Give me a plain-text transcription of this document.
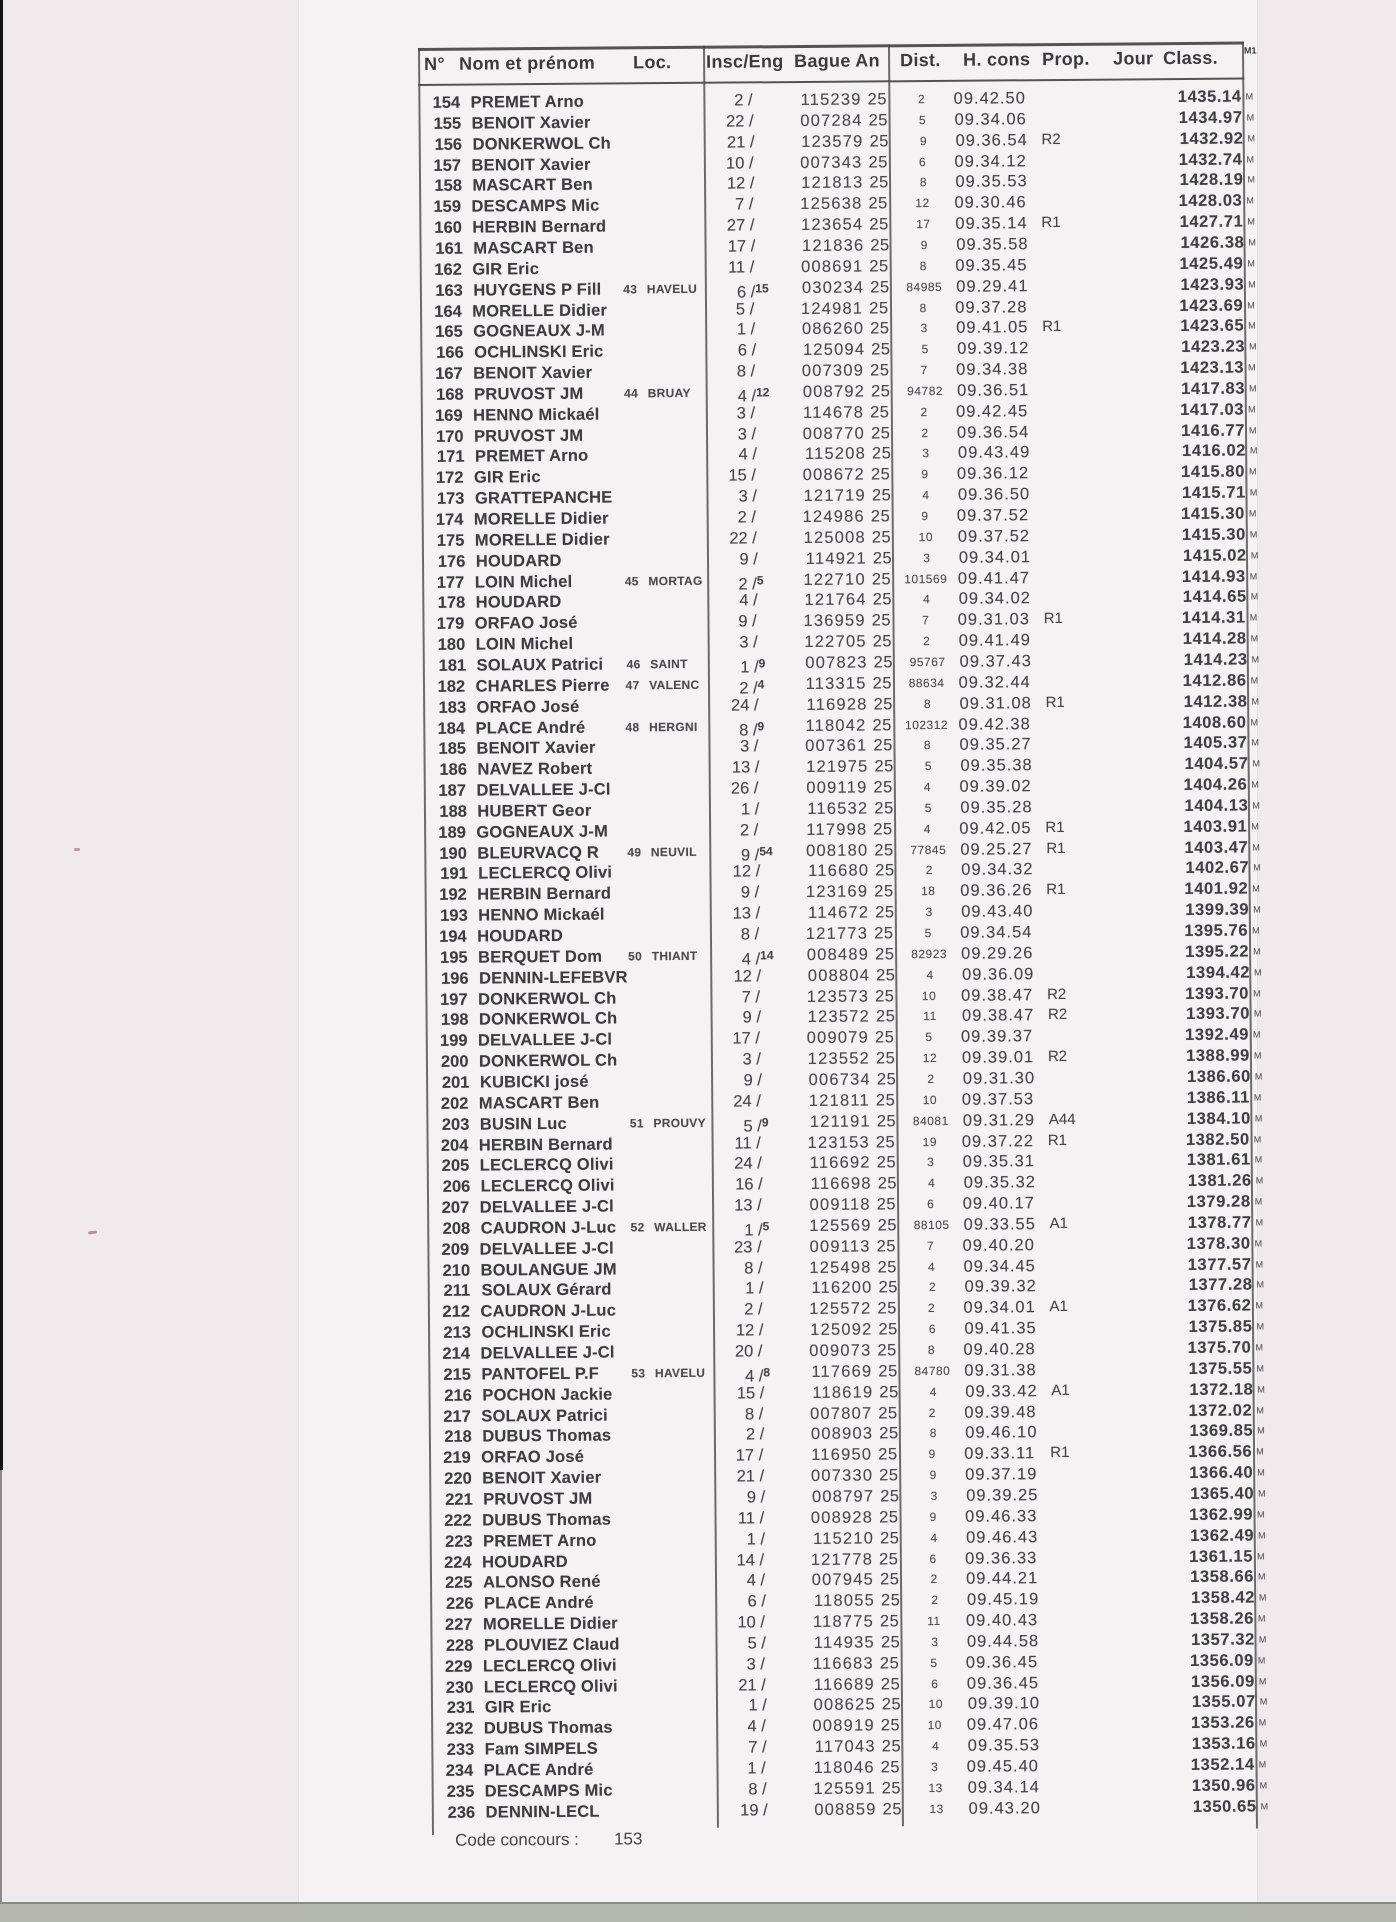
N° Nom et prénom Loc. Insc/Eng Bague An Dist. H. cons Prop. Jour Class.	M1
154 PREMET Arno	2 /	115239 25	2	09.42.50	1435.14 M
155 BENOIT Xavier	22 /	007284 25	5	09.34.06	1434.97 M
156 DONKERWOL Ch	21 /	123579 25	9	09.36.54 R2	1432.92 M
157 BENOIT Xavier	10 /	007343 25	6	09.34.12	1432.74 M
158 MASCART Ben	12 /	121813 25	8	09.35.53	1428.19 M
159 DESCAMPS Mic	7 /	125638 25	12	09.30.46	1428.03 M
160 HERBIN Bernard	27 /	123654 25	17	09.35.14 R1	1427.71 M
161 MASCART Ben	17 /	121836 25	9	09.35.58	1426.38 M
162 GIR Eric	11 /	008691 25	8	09.35.45	1425.49 M
163 HUYGENS P Fill 43 HAVELU	6 /$^{15}$	030234 25	84985 09.29.41	1423.93 M
164 MORELLE Didier	5 /	124981 25	8	09.37.28	1423.69 M
165 GOGNEAUX J-M	1 /	086260 25	3	09.41.05 R1	1423.65 M
166 OCHLINSKI Eric	6 /	125094 25	5	09.39.12	1423.23 M
167 BENOIT Xavier	8 /	007309 25	7	09.34.38	1423.13 M
168 PRUVOST JM	44 BRUAY	4 /$^{12}$	008792 25	94782 09.36.51	1417.83 M
169 HENNO Mickaél	3 /	114678 25	2	09.42.45	1417.03 M
170 PRUVOST JM	3 /	008770 25	2	09.36.54	1416.77 M
171 PREMET Arno	4 /	115208 25	3	09.43.49	1416.02 M
172 GIR Eric	15 /	008672 25	9	09.36.12	1415.80 M
173 GRATTEPANCHE	3 /	121719 25	4	09.36.50	1415.71 M
174 MORELLE Didier	2 /	124986 25	9	09.37.52	1415.30 M
175 MORELLE Didier	22 /	125008 25	10	09.37.52	1415.30 M
176 HOUDARD	9 /	114921 25	3	09.34.01	1415.02 M
177 LOIN Michel	45 MORTAG	2 /$^5$	122710 25	101569 09.41.47	1414.93 M
178 HOUDARD	4 /	121764 25	4	09.34.02	1414.65 M
179 ORFAO José	9 /	136959 25	7	09.31.03 R1	1414.31 M
180 LOIN Michel	3 /	122705 25	2	09.41.49	1414.28 M
181 SOLAUX Patrici 46 SAINT	1 /$^9$	007823 25	95767 09.37.43	1414.23 M
182 CHARLES Pierre 47 VALENC	2 /$^4$	113315 25	88634 09.32.44	1412.86 M
183 ORFAO José	24 /	116928 25	8	09.31.08 R1	1412.38 M
184 PLACE André	48 HERGNI	8 /$^9$	118042 25	102312 09.42.38	1408.60 M
185 BENOIT Xavier	3 /	007361 25	8	09.35.27	1405.37 M
186 NAVEZ Robert	13 /	121975 25	5	09.35.38	1404.57 M
187 DELVALLEE J-Cl	26 /	009119 25	4	09.39.02	1404.26 M
188 HUBERT Geor	1 /	116532 25	5	09.35.28	1404.13 M
189 GOGNEAUX J-M	2 /	117998 25	4	09.42.05 R1	1403.91 M
190 BLEURVACQ R 49 NEUVIL	9 /$^{54}$	008180 25	77845 09.25.27 R1	1403.47 M
191 LECLERCQ Olivi	12 /	116680 25	2	09.34.32	1402.67 M
192 HERBIN Bernard	9 /	123169 25	18	09.36.26 R1	1401.92 M
193 HENNO Mickaél	13 /	114672 25	3	09.43.40	1399.39 M
194 HOUDARD	8 /	121773 25	5	09.34.54	1395.76 M
195 BERQUET Dom 50 THIANT	4 /$^{14}$	008489 25	82923 09.29.26	1395.22 M
196 DENNIN-LEFEBVR	12 /	008804 25	4	09.36.09	1394.42 M
197 DONKERWOL Ch	7 /	123573 25	10	09.38.47 R2	1393.70 M
198 DONKERWOL Ch	9 /	123572 25	11	09.38.47 R2	1393.70 M
199 DELVALLEE J-Cl	17 /	009079 25	5	09.39.37	1392.49 M
200 DONKERWOL Ch	3 /	123552 25	12	09.39.01 R2	1388.99 M
201 KUBICKI josé	9 /	006734 25	2	09.31.30	1386.60 M
202 MASCART Ben	24 /	121811 25	10	09.37.53	1386.11 M
203 BUSIN Luc	51 PROUVY	5 /$^9$	121191 25	84081 09.31.29 A44	1384.10 M
204 HERBIN Bernard	11 /	123153 25	19	09.37.22 R1	1382.50 M
205 LECLERCQ Olivi	24 /	116692 25	3	09.35.31	1381.61 M
206 LECLERCQ Olivi	16 /	116698 25	4	09.35.32	1381.26 M
207 DELVALLEE J-Cl	13 /	009118 25	6	09.40.17	1379.28 M
208 CAUDRON J-Luc 52 WALLER	1 /$^5$	125569 25	88105 09.33.55 A1	1378.77 M
209 DELVALLEE J-Cl	23 /	009113 25	7	09.40.20	1378.30 M
210 BOULANGUE JM	8 /	125498 25	4	09.34.45	1377.57 M
211 SOLAUX Gérard	1 /	116200 25	2	09.39.32	1377.28 M
212 CAUDRON J-Luc	2 /	125572 25	2	09.34.01 A1	1376.62 M
213 OCHLINSKI Eric	12 /	125092 25	6	09.41.35	1375.85 M
214 DELVALLEE J-Cl	20 /	009073 25	8	09.40.28	1375.70 M
215 PANTOFEL P.F	53 HAVELU	4 /$^8$	117669 25	84780 09.31.38	1375.55 M
216 POCHON Jackie	15 /	118619 25	4	09.33.42 A1	1372.18 M
217 SOLAUX Patrici	8 /	007807 25	2	09.39.48	1372.02 M
218 DUBUS Thomas	2 /	008903 25	8	09.46.10	1369.85 M
219 ORFAO José	17 /	116950 25	9	09.33.11 R1	1366.56 M
220 BENOIT Xavier	21 /	007330 25	9	09.37.19	1366.40 M
221 PRUVOST JM	9 /	008797 25	3	09.39.25	1365.40 M
222 DUBUS Thomas	11 /	008928 25	9	09.46.33	1362.99 M
223 PREMET Arno	1 /	115210 25	4	09.46.43	1362.49 M
224 HOUDARD	14 /	121778 25	6	09.36.33	1361.15 M
225 ALONSO René	4 /	007945 25	2	09.44.21	1358.66 M
226 PLACE André	6 /	118055 25	2	09.45.19	1358.42 M
227 MORELLE Didier	10 /	118775 25	11	09.40.43	1358.26 M
228 PLOUVIEZ Claud	5 /	114935 25	3	09.44.58	1357.32 M
229 LECLERCQ Olivi	3 /	116683 25	5	09.36.45	1356.09 M
230 LECLERCQ Olivi	21 /	116689 25	6	09.36.45	1356.09 M
231 GIR Eric	1 /	008625 25	10	09.39.10	1355.07 M
232 DUBUS Thomas	4 /	008919 25	10	09.47.06	1353.26 M
233 Fam SIMPELS	7 /	117043 25	4	09.35.53	1353.16 M
234 PLACE André	1 /	118046 25	3	09.45.40	1352.14 M
235 DESCAMPS Mic	8 /	125591 25	13	09.34.14	1350.96 M
236 DENNIN-LECL	19 /	008859 25	13	09.43.20	1350.65 M
Code concours : 153
